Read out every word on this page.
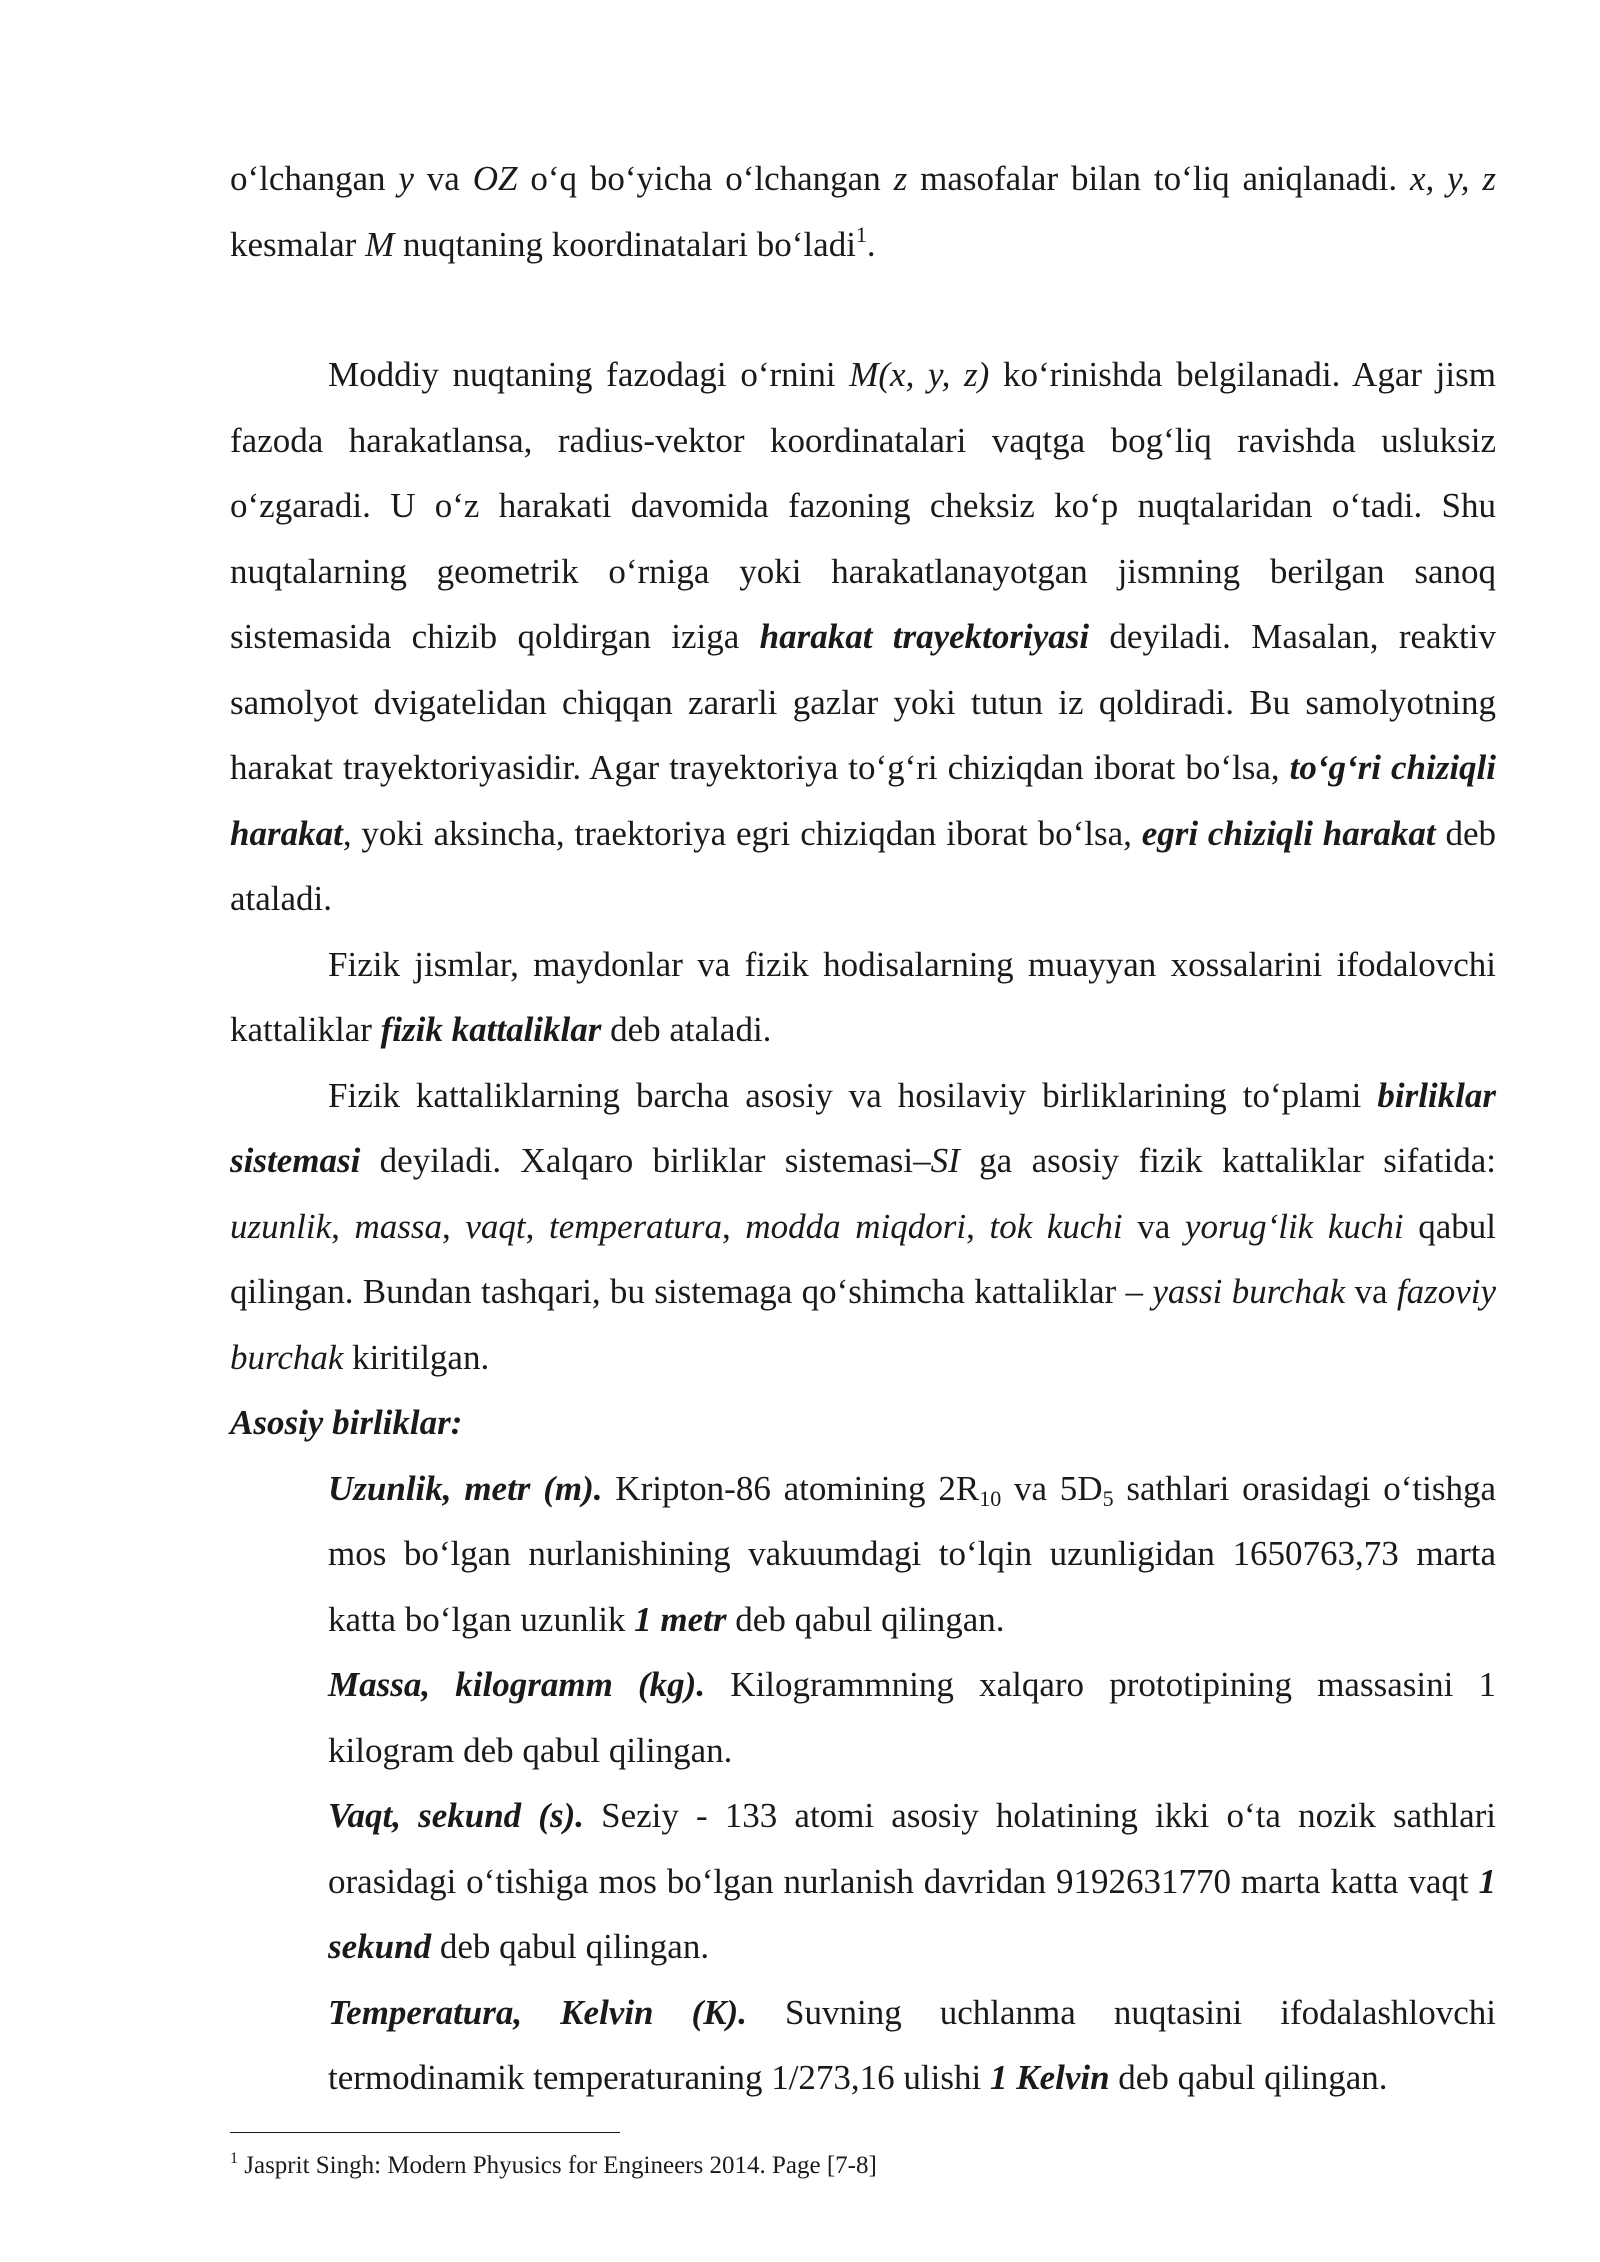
o‘lchangan y va OZ o‘q bo‘yicha o‘lchangan z masofalar bilan to‘liq aniqlanadi. x, y, z kesmalar M nuqtaning koordinatalari bo‘ladi$^1$.

Moddiy nuqtaning fazodagi o‘rnini M(x, y, z) ko‘rinishda belgilanadi. Agar jism fazoda harakatlansa, radius-vektor koordinatalari vaqtga bog‘liq ravishda usluksiz o‘zgaradi. U o‘z harakati davomida fazoning cheksiz ko‘p nuqtalaridan o‘tadi. Shu nuqtalarning geometrik o‘rniga yoki harakatlanayotgan jismning berilgan sanoq sistemasida chizib qoldirgan iziga harakat trayektoriyasi deyiladi. Masalan, reaktiv samolyot dvigatelidan chiqqan zararli gazlar yoki tutun iz qoldiradi. Bu samolyotning harakat trayektoriyasidir. Agar trayektoriya to‘g‘ri chiziqdan iborat bo‘lsa, to‘g‘ri chiziqli harakat, yoki aksincha, traektoriya egri chiziqdan iborat bo‘lsa, egri chiziqli harakat deb ataladi.

Fizik jismlar, maydonlar va fizik hodisalarning muayyan xossalarini ifodalovchi kattaliklar fizik kattaliklar deb ataladi.

Fizik kattaliklarning barcha asosiy va hosilaviy birliklarining to‘plami birliklar sistemasi deyiladi. Xalqaro birliklar sistemasi–SI ga asosiy fizik kattaliklar sifatida: uzunlik, massa, vaqt, temperatura, modda miqdori, tok kuchi va yorug‘lik kuchi qabul qilingan. Bundan tashqari, bu sistemaga qo‘shimcha kattaliklar – yassi burchak va fazoviy burchak kiritilgan.

Asosiy birliklar:

Uzunlik, metr (m). Kripton-86 atomining $2R_{10}$ va $5D_5$ sathlari orasidagi o‘tishga mos bo‘lgan nurlanishining vakuumdagi to‘lqin uzunligidan 1650763,73 marta katta bo‘lgan uzunlik 1 metr deb qabul qilingan.

Massa, kilogramm (kg). Kilogrammning xalqaro prototipining massasini 1 kilogram deb qabul qilingan.

Vaqt, sekund (s). Seziy - 133 atomi asosiy holatining ikki o‘ta nozik sathlari orasidagi o‘tishiga mos bo‘lgan nurlanish davridan 9192631770 marta katta vaqt 1 sekund deb qabul qilingan.

Temperatura, Kelvin (K). Suvning uchlanma nuqtasini ifodalashlovchi termodinamik temperaturaning 1/273,16 ulishi 1 Kelvin deb qabul qilingan.

$^1$ Jasprit Singh: Modern Phyusics for Engineers 2014. Page [7-8]
